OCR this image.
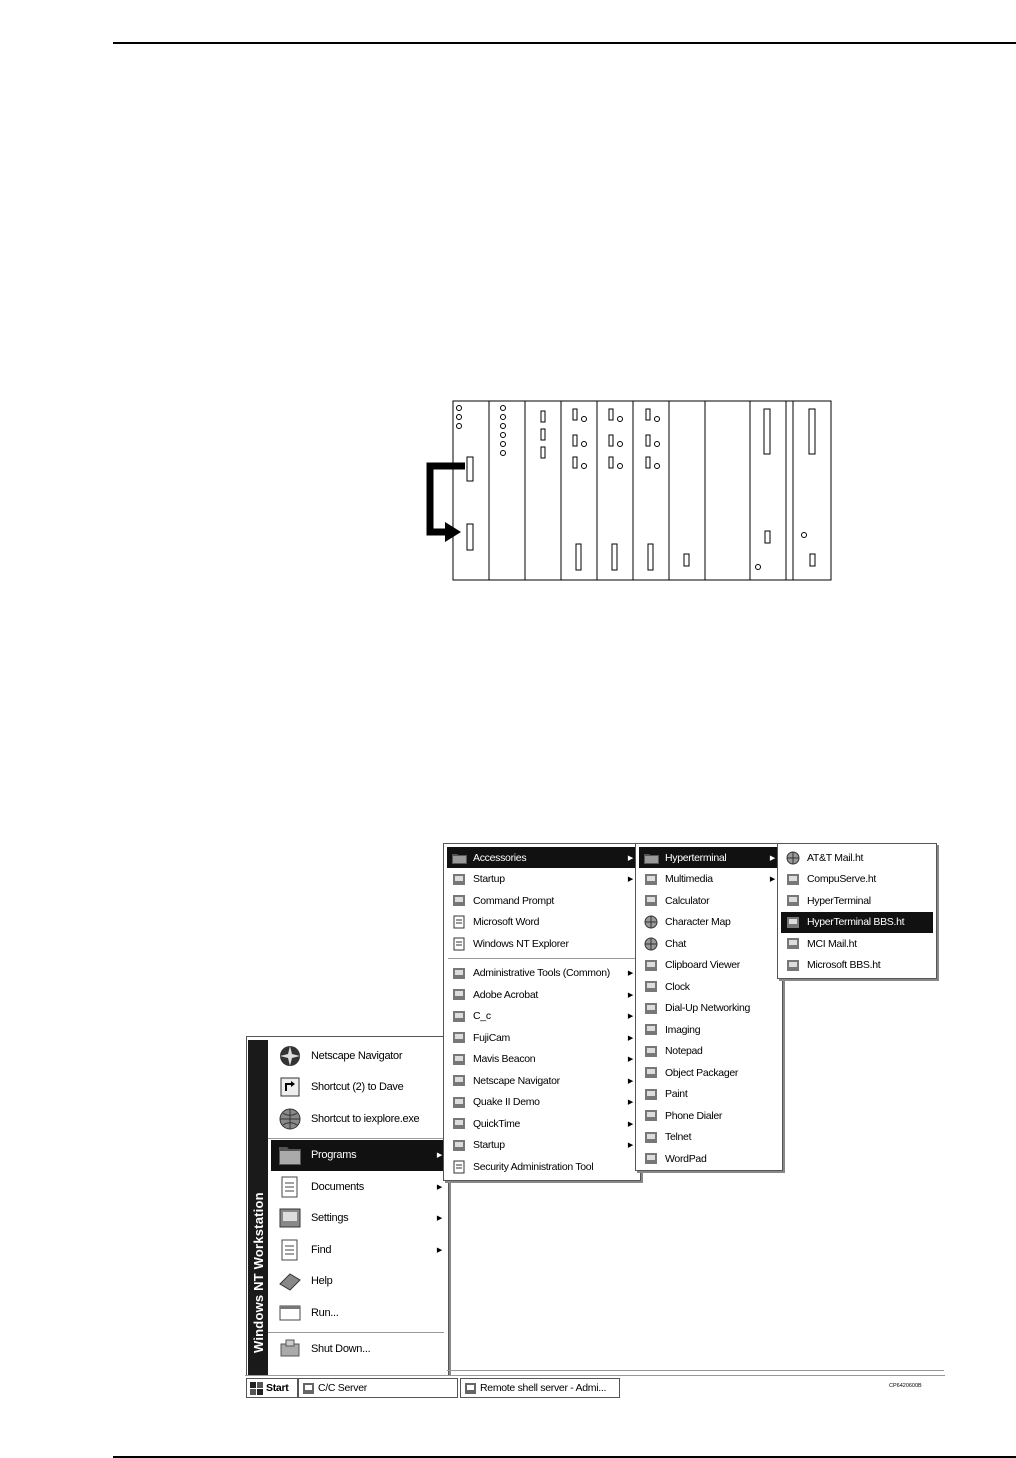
Netscape Navigator
Shortcut (2) to Dave
Shortcut to iexplore.exe
Programs	▶
Documents	▶
Settings	▶
Find	▶
Help
Run...
Shut Down...
Windows NT Workstation
Accessories	▶
Startup	▶
Command Prompt
Microsoft Word
Windows NT Explorer
Administrative Tools (Common)	▶
Adobe Acrobat	▶
C_c	▶
FujiCam	▶
Mavis Beacon	▶
Netscape Navigator	▶
Quake II Demo	▶
QuickTime	▶
Startup	▶
Security Administration Tool
Hyperterminal	▶
Multimedia	▶
Calculator
Character Map
Chat
Clipboard Viewer
Clock
Dial-Up Networking
Imaging
Notepad
Object Packager
Paint
Phone Dialer
Telnet
WordPad
AT&T Mail.ht
CompuServe.ht
HyperTerminal
HyperTerminal BBS.ht
MCI Mail.ht
Microsoft BBS.ht
Start	C/C Server	Remote shell server - Admi...	CP6420600B
